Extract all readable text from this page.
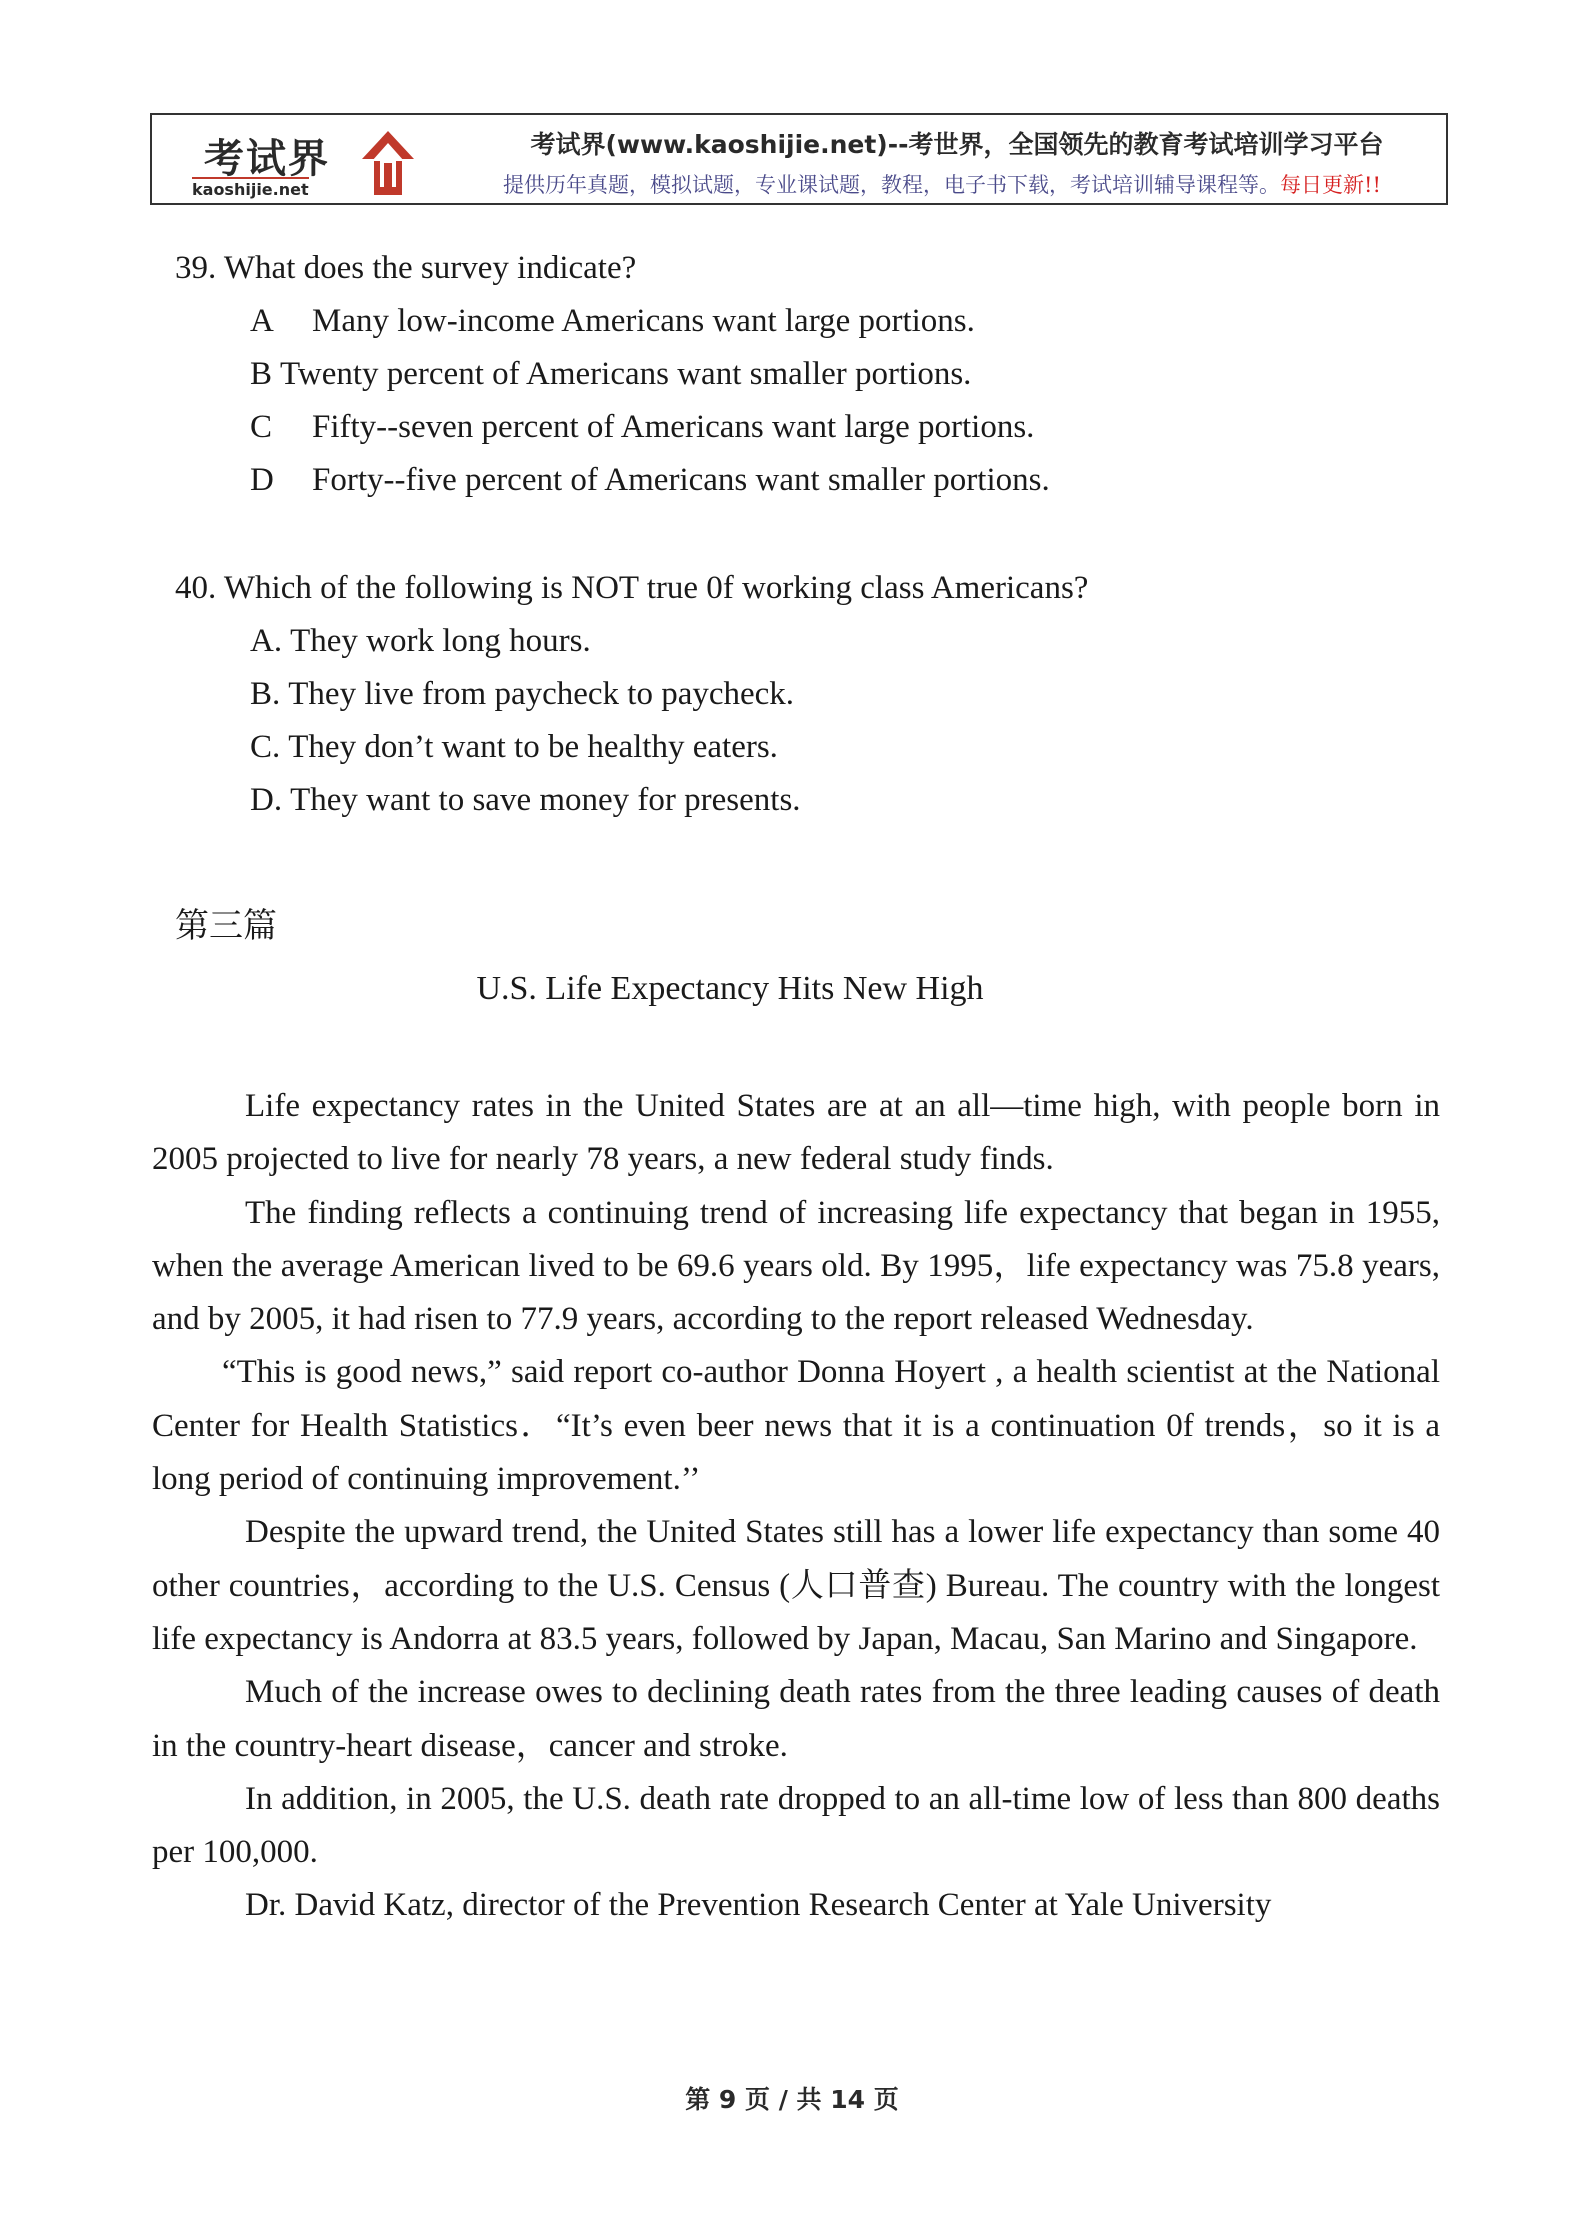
考试界
kaoshijie.net
考试界(www.kaoshijie.net)--考世界，全国领先的教育考试培训学习平台
提供历年真题，模拟试题，专业课试题，教程，电子书下载，考试培训辅导课程等。每日更新!!
39. What does the survey indicate?
A Many low-income Americans want large portions.
B Twenty percent of Americans want smaller portions.
C Fifty--seven percent of Americans want large portions.
D Forty--five percent of Americans want smaller portions.
40. Which of the following is NOT true 0f working class Americans?
A. They work long hours.
B. They live from paycheck to paycheck.
C. They don’t want to be healthy eaters.
D. They want to save money for presents.
第三篇
U.S. Life Expectancy Hits New High

Life expectancy rates in the United States are at an all—time high, with people born in 2005 projected to live for nearly 78 years, a new federal study finds.

The finding reflects a continuing trend of increasing life expectancy that began in 1955, when the average American lived to be 69.6 years old. By 1995，life expectancy was 75.8 years, and by 2005, it had risen to 77.9 years, according to the report released Wednesday.

“This is good news,” said report co-author Donna Hoyert , a health scientist at the National Center for Health Statistics．“It’s even beer news that it is a continuation 0f trends，so it is a long period of continuing improvement.’’

Despite the upward trend, the United States still has a lower life expectancy than some 40 other countries，according to the U.S. Census (人口普查) Bureau. The country with the longest life expectancy is Andorra at 83.5 years, followed by Japan, Macau, San Marino and Singapore.

Much of the increase owes to declining death rates from the three leading causes of death in the country-heart disease，cancer and stroke.

In addition, in 2005, the U.S. death rate dropped to an all-time low of less than 800 deaths per 100,000.

Dr. David Katz, director of the Prevention Research Center at Yale University

第 9 页 / 共 14 页
